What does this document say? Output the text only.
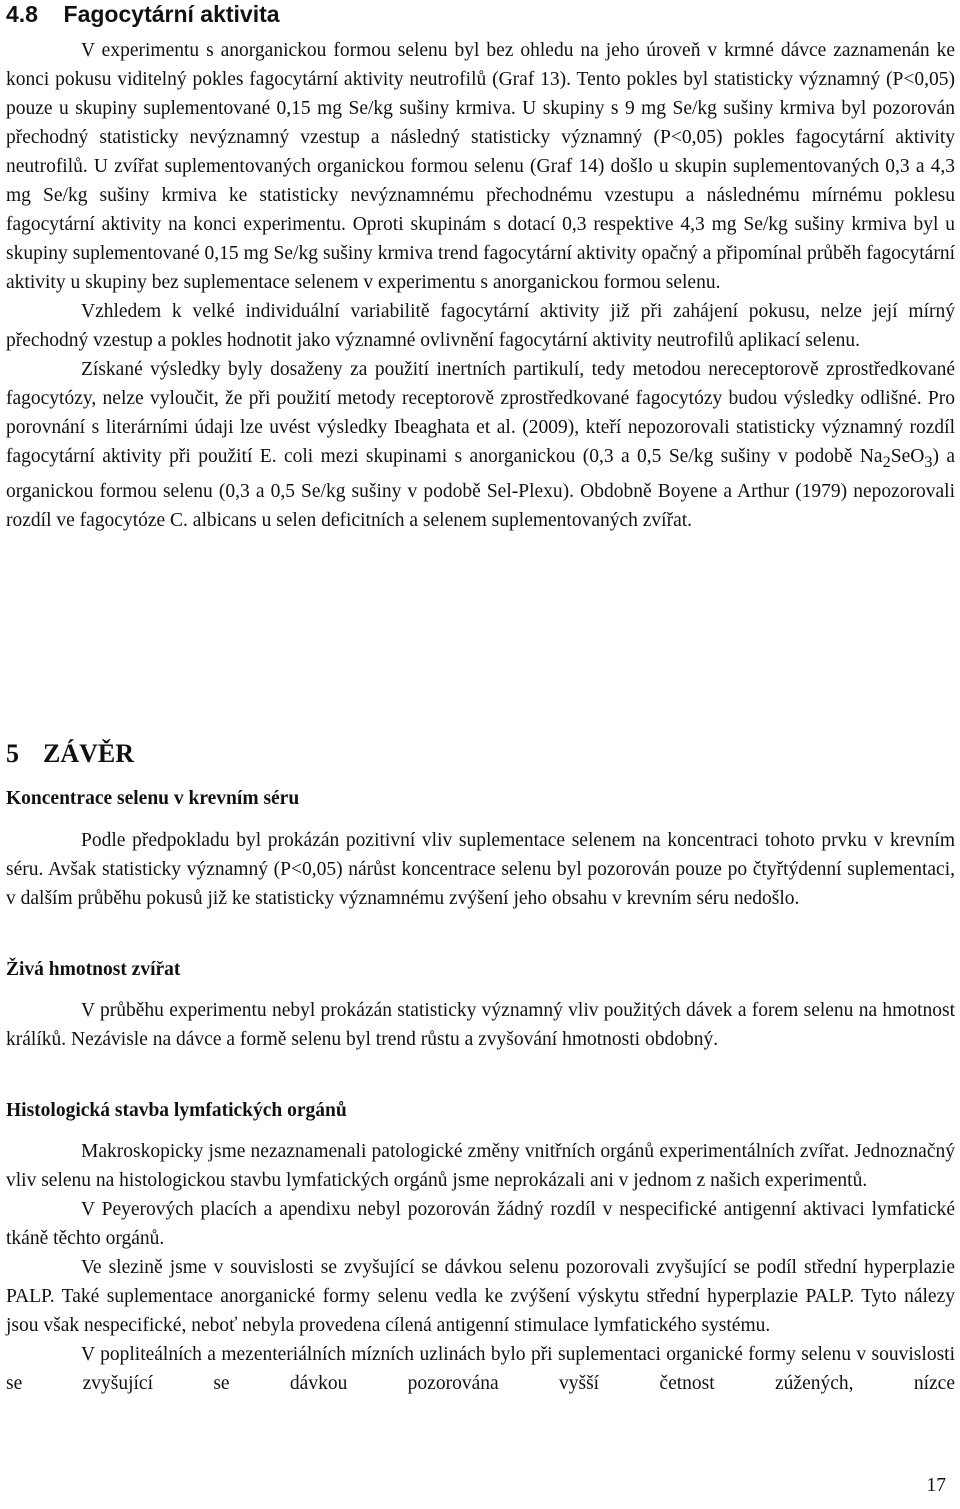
4.8 Fagocytární aktivita

V experimentu s anorganickou formou selenu byl bez ohledu na jeho úroveň v krmné dávce zaznamenán ke konci pokusu viditelný pokles fagocytární aktivity neutrofilů (Graf 13). Tento pokles byl statisticky významný (P<0,05) pouze u skupiny suplementované 0,15 mg Se/kg sušiny krmiva. U skupiny s 9 mg Se/kg sušiny krmiva byl pozorován přechodný statisticky nevýznamný vzestup a následný statisticky významný (P<0,05) pokles fagocytární aktivity neutrofilů. U zvířat suplementovaných organickou formou selenu (Graf 14) došlo u skupin suplementovaných 0,3 a 4,3 mg Se/kg sušiny krmiva ke statisticky nevýznamnému přechodnému vzestupu a následnému mírnému poklesu fagocytární aktivity na konci experimentu. Oproti skupinám s dotací 0,3 respektive 4,3 mg Se/kg sušiny krmiva byl u skupiny suplementované 0,15 mg Se/kg sušiny krmiva trend fagocytární aktivity opačný a připomínal průběh fagocytární aktivity u skupiny bez suplementace selenem v experimentu s anorganickou formou selenu.

Vzhledem k velké individuální variabilitě fagocytární aktivity již při zahájení pokusu, nelze její mírný přechodný vzestup a pokles hodnotit jako významné ovlivnění fagocytární aktivity neutrofilů aplikací selenu.

Získané výsledky byly dosaženy za použití inertních partikulí, tedy metodou nereceptorově zprostředkované fagocytózy, nelze vyloučit, že při použití metody receptorově zprostředkované fagocytózy budou výsledky odlišné. Pro porovnání s literárními údaji lze uvést výsledky Ibeaghata et al. (2009), kteří nepozorovali statisticky významný rozdíl fagocytární aktivity při použití E. coli mezi skupinami s anorganickou (0,3 a 0,5 Se/kg sušiny v podobě $Na_2SeO_3$) a organickou formou selenu (0,3 a 0,5 Se/kg sušiny v podobě Sel-Plexu). Obdobně Boyene a Arthur (1979) nepozorovali rozdíl ve fagocytóze C. albicans u selen deficitních a selenem suplementovaných zvířat.

5 ZÁVĚR
Koncentrace selenu v krevním séru

Podle předpokladu byl prokázán pozitivní vliv suplementace selenem na koncentraci tohoto prvku v krevním séru. Avšak statisticky významný (P<0,05) nárůst koncentrace selenu byl pozorován pouze po čtyřtýdenní suplementaci, v dalším průběhu pokusů již ke statisticky významnému zvýšení jeho obsahu v krevním séru nedošlo.

Živá hmotnost zvířat

V průběhu experimentu nebyl prokázán statisticky významný vliv použitých dávek a forem selenu na hmotnost králíků. Nezávisle na dávce a formě selenu byl trend růstu a zvyšování hmotnosti obdobný.

Histologická stavba lymfatických orgánů

Makroskopicky jsme nezaznamenali patologické změny vnitřních orgánů experimentálních zvířat. Jednoznačný vliv selenu na histologickou stavbu lymfatických orgánů jsme neprokázali ani v jednom z našich experimentů.

V Peyerových placích a apendixu nebyl pozorován žádný rozdíl v nespecifické antigenní aktivaci lymfatické tkáně těchto orgánů.

Ve slezině jsme v souvislosti se zvyšující se dávkou selenu pozorovali zvyšující se podíl střední hyperplazie PALP. Také suplementace anorganické formy selenu vedla ke zvýšení výskytu střední hyperplazie PALP. Tyto nálezy jsou však nespecifické, neboť nebyla provedena cílená antigenní stimulace lymfatického systému.

V popliteálních a mezenteriálních mízních uzlinách bylo při suplementaci organické formy selenu v souvislosti se zvyšující se dávkou pozorována vyšší četnost zúžených, nízce

17
